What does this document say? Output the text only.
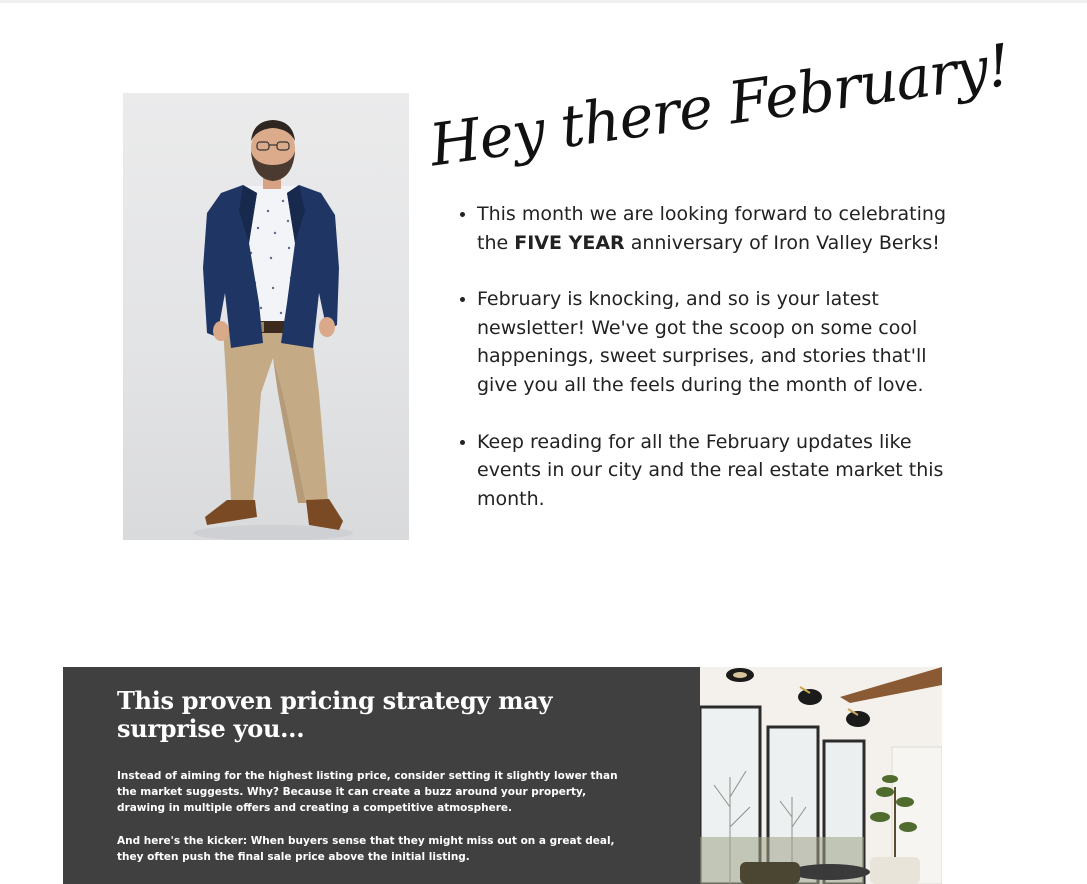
Hey there February!
• This month we are looking forward to celebrating the FIVE YEAR anniversary of Iron Valley Berks!
• February is knocking, and so is your latest newsletter! We've got the scoop on some cool happenings, sweet surprises, and stories that'll give you all the feels during the month of love.
• Keep reading for all the February updates like events in our city and the real estate market this month.
This proven pricing strategy may surprise you...

Instead of aiming for the highest listing price, consider setting it slightly lower than the market suggests. Why? Because it can create a buzz around your property, drawing in multiple offers and creating a competitive atmosphere.

And here's the kicker: When buyers sense that they might miss out on a great deal, they often push the final sale price above the initial listing.
